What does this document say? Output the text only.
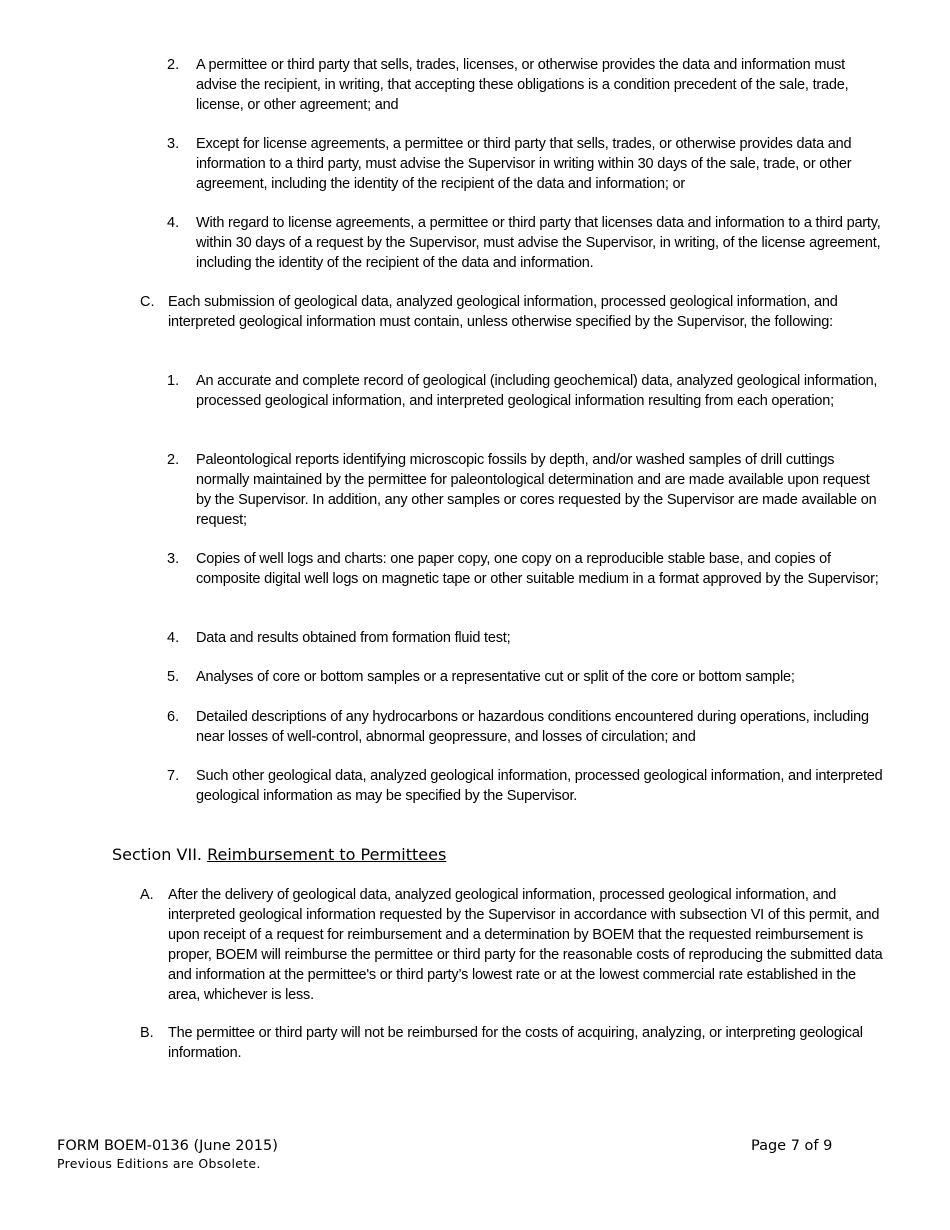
2. A permittee or third party that sells, trades, licenses, or otherwise provides the data and information must advise the recipient, in writing, that accepting these obligations is a condition precedent of the sale, trade, license, or other agreement; and
3. Except for license agreements, a permittee or third party that sells, trades, or otherwise provides data and information to a third party, must advise the Supervisor in writing within 30 days of the sale, trade, or other agreement, including the identity of the recipient of the data and information; or
4. With regard to license agreements, a permittee or third party that licenses data and information to a third party, within 30 days of a request by the Supervisor, must advise the Supervisor, in writing, of the license agreement, including the identity of the recipient of the data and information.
C. Each submission of geological data, analyzed geological information, processed geological information, and interpreted geological information must contain, unless otherwise specified by the Supervisor, the following:
1. An accurate and complete record of geological (including geochemical) data, analyzed geological information, processed geological information, and interpreted geological information resulting from each operation;
2. Paleontological reports identifying microscopic fossils by depth, and/or washed samples of drill cuttings normally maintained by the permittee for paleontological determination and are made available upon request by the Supervisor. In addition, any other samples or cores requested by the Supervisor are made available on request;
3. Copies of well logs and charts: one paper copy, one copy on a reproducible stable base, and copies of composite digital well logs on magnetic tape or other suitable medium in a format approved by the Supervisor;
4. Data and results obtained from formation fluid test;
5. Analyses of core or bottom samples or a representative cut or split of the core or bottom sample;
6. Detailed descriptions of any hydrocarbons or hazardous conditions encountered during operations, including near losses of well-control, abnormal geopressure, and losses of circulation; and
7. Such other geological data, analyzed geological information, processed geological information, and interpreted geological information as may be specified by the Supervisor.
Section VII. Reimbursement to Permittees
A. After the delivery of geological data, analyzed geological information, processed geological information, and interpreted geological information requested by the Supervisor in accordance with subsection VI of this permit, and upon receipt of a request for reimbursement and a determination by BOEM that the requested reimbursement is proper, BOEM will reimburse the permittee or third party for the reasonable costs of reproducing the submitted data and information at the permittee's or third party’s lowest rate or at the lowest commercial rate established in the area, whichever is less.
B. The permittee or third party will not be reimbursed for the costs of acquiring, analyzing, or interpreting geological information.
FORM BOEM-0136 (June 2015)
Previous Editions are Obsolete.
Page 7 of 9
